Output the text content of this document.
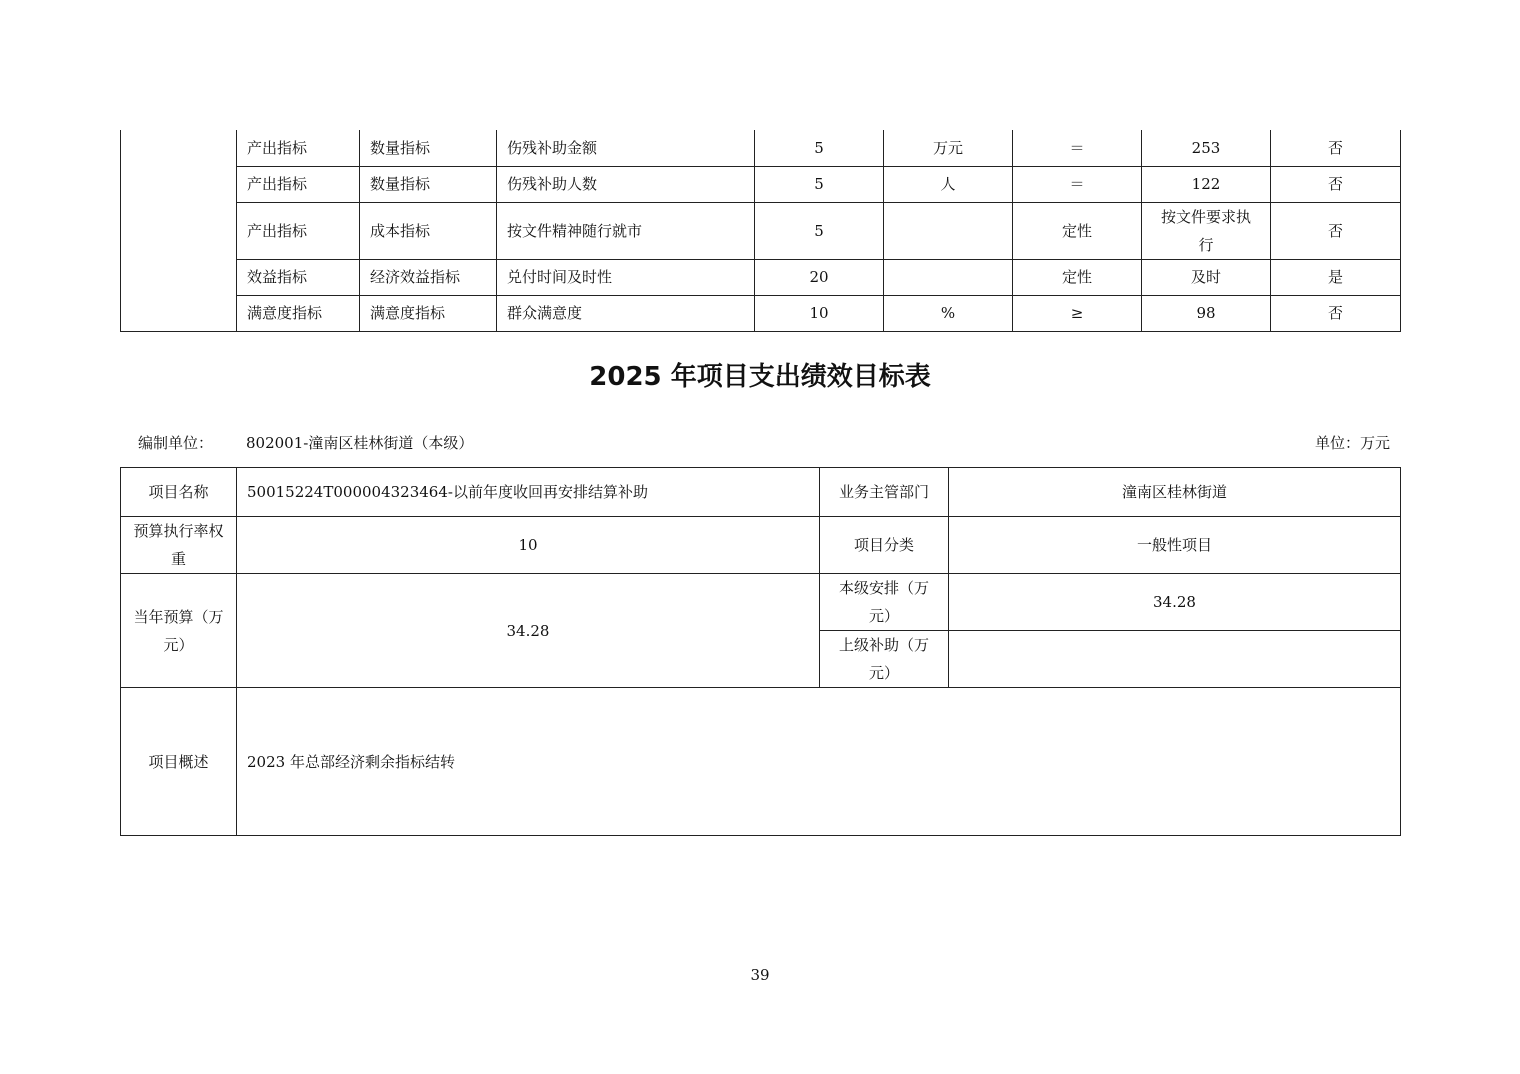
	产出指标	数量指标	伤残补助金额	5	万元	＝	253	否
	产出指标	数量指标	伤残补助人数	5	人	＝	122	否
	产出指标	成本指标	按文件精神随行就市	5		定性	按文件要求执行	否
	效益指标	经济效益指标	兑付时间及时性	20		定性	及时	是
	满意度指标	满意度指标	群众满意度	10	%	≥	98	否
2025 年项目支出绩效目标表
编制单位： 802001-潼南区桂林街道（本级）	单位：万元
项目名称	50015224T000004323464-以前年度收回再安排结算补助	业务主管部门	潼南区桂林街道
预算执行率权重	10	项目分类	一般性项目
当年预算（万元）	34.28	本级安排（万元）	34.28
		上级补助（万元）	
项目概述	2023 年总部经济剩余指标结转		
39
